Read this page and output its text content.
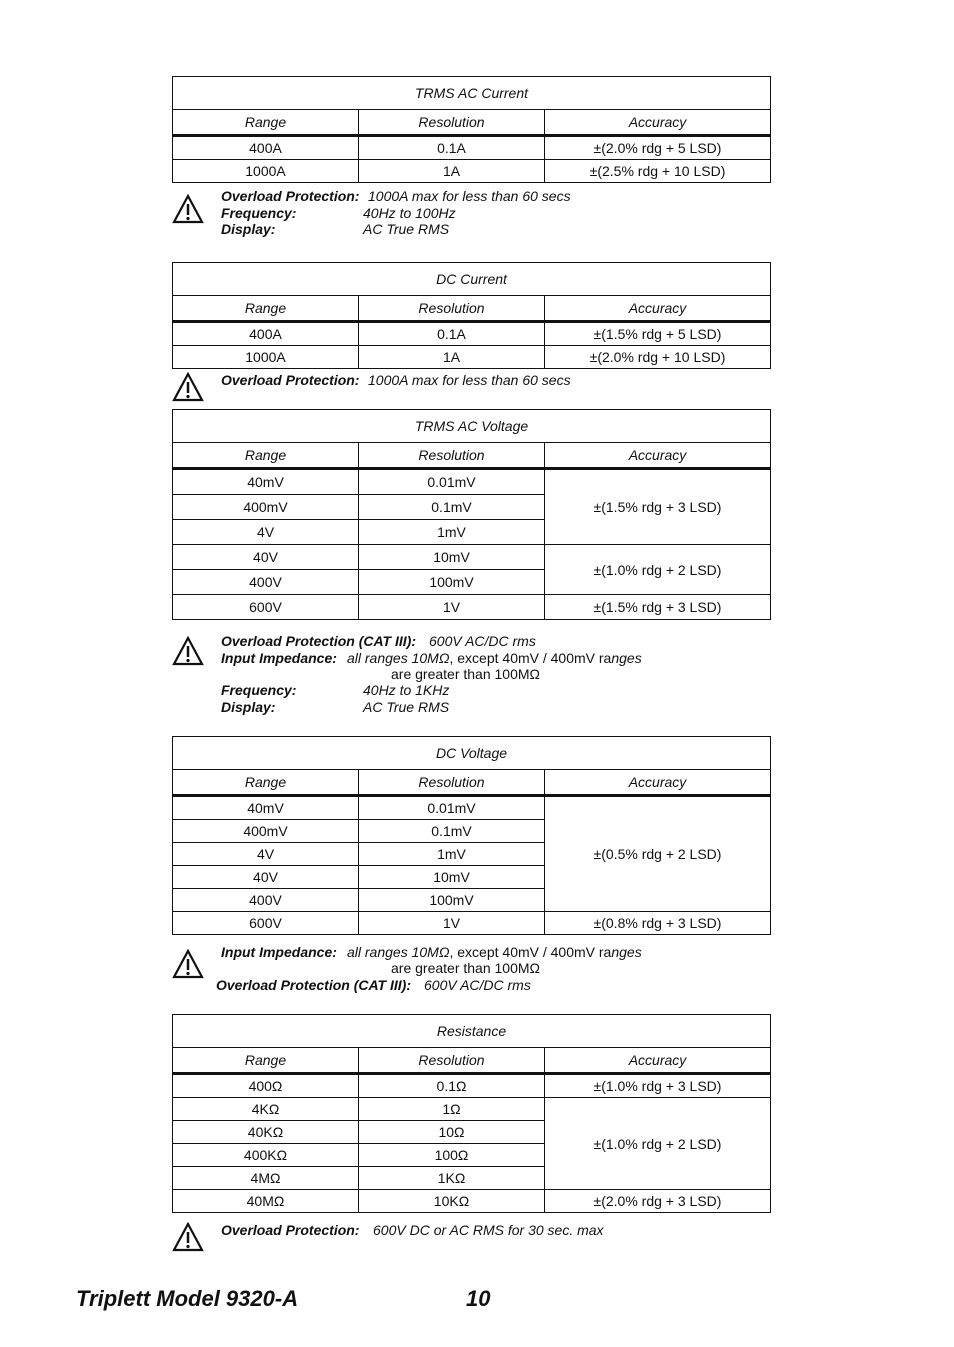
TRMS AC Current		
Range	Resolution	Accuracy
400A	0.1A	±(2.0% rdg + 5 LSD)
1000A	1A	±(2.5% rdg + 10 LSD)
Overload Protection: 1000A max for less than 60 secs
Frequency:	40Hz to 100Hz
Display:	AC True RMS
DC Current		
Range	Resolution	Accuracy
400A	0.1A	±(1.5% rdg + 5 LSD)
1000A	1A	±(2.0% rdg + 10 LSD)
Overload Protection: 1000A max for less than 60 secs
TRMS AC Voltage		
Range	Resolution	Accuracy
40mV	0.01mV	±(1.5% rdg + 3 LSD)
400mV	0.1mV	
4V	1mV	
40V	10mV	±(1.0% rdg + 2 LSD)
400V	100mV	
600V	1V	±(1.5% rdg + 3 LSD)
Overload Protection (CAT III): 600V AC/DC rms
Input Impedance: all ranges 10MΩ, except 40mV / 400mV ranges
are greater than 100MΩ
Frequency:	40Hz to 1KHz
Display:	AC True RMS
DC Voltage		
Range	Resolution	Accuracy
40mV	0.01mV	±(0.5% rdg + 2 LSD)
400mV	0.1mV	
4V	1mV	
40V	10mV	
400V	100mV	
600V	1V	±(0.8% rdg + 3 LSD)
Input Impedance: all ranges 10MΩ, except 40mV / 400mV ranges
are greater than 100MΩ
Overload Protection (CAT III): 600V AC/DC rms
Resistance		
Range	Resolution	Accuracy
400Ω	0.1Ω	±(1.0% rdg + 3 LSD)
4KΩ	1Ω	±(1.0% rdg + 2 LSD)
40KΩ	10Ω	
400KΩ	100Ω	
4MΩ	1KΩ	
40MΩ	10KΩ	±(2.0% rdg + 3 LSD)
Overload Protection: 600V DC or AC RMS for 30 sec. max
Triplett Model 9320-A	10
